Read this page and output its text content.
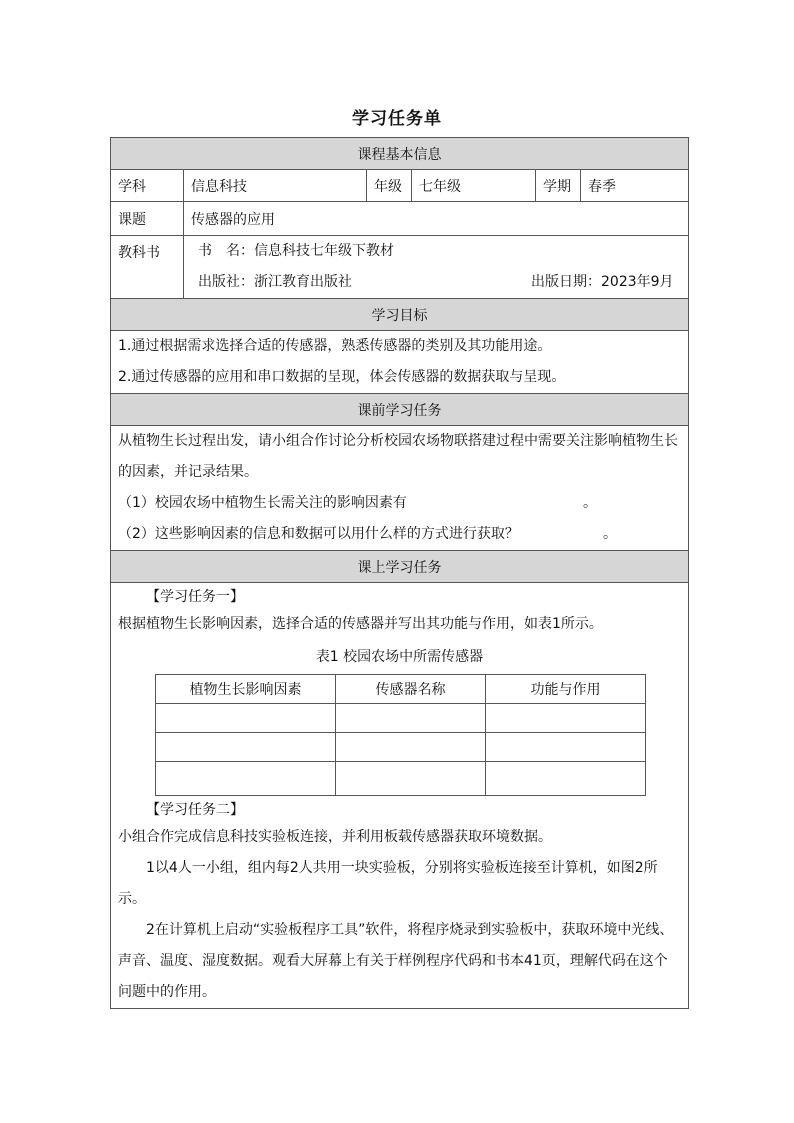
学习任务单
课程基本信息
学科	信息科技	年级	七年级	学期	春季
课题	传感器的应用
教科书	书　名：信息科技七年级下教材
出版社：浙江教育出版社	出版日期：2023年9月

学习目标

1.通过根据需求选择合适的传感器，熟悉传感器的类别及其功能用途。
2.通过传感器的应用和串口数据的呈现，体会传感器的数据获取与呈现。

课前学习任务

从植物生长过程出发，请小组合作讨论分析校园农场物联搭建过程中需要关注影响植物生长的因素，并记录结果。
（1）校园农场中植物生长需关注的影响因素有	。
（2）这些影响因素的信息和数据可以用什么样的方式进行获取？	。

课上学习任务

【学习任务一】
根据植物生长影响因素，选择合适的传感器并写出其功能与作用，如表1所示。
表1 校园农场中所需传感器
植物生长影响因素	传感器名称	功能与作用

【学习任务二】
小组合作完成信息科技实验板连接，并利用板载传感器获取环境数据。
1以4人一小组，组内每2人共用一块实验板，分别将实验板连接至计算机，如图2所示。
2在计算机上启动“实验板程序工具”软件，将程序烧录到实验板中，获取环境中光线、声音、温度、湿度数据。观看大屏幕上有关于样例程序代码和书本41页，理解代码在这个问题中的作用。
